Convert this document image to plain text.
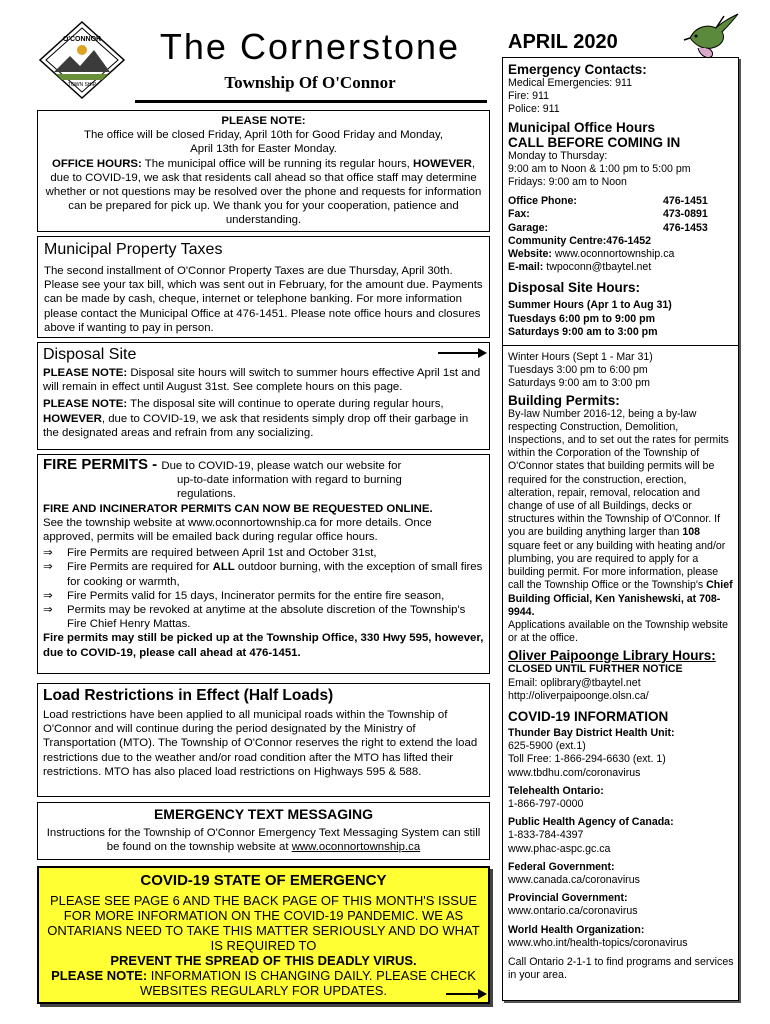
O'CONNOR
TOWN SHIP
The Cornerstone
Township Of O'Connor
APRIL 2020

PLEASE NOTE:

The office will be closed Friday, April 10th for Good Friday and Monday, April 13th for Easter Monday.

OFFICE HOURS: The municipal office will be running its regular hours, HOWEVER, due to COVID-19, we ask that residents call ahead so that office staff may determine whether or not questions may be resolved over the phone and requests for information can be prepared for pick up. We thank you for your cooperation, patience and understanding.

Municipal Property Taxes

The second installment of O'Connor Property Taxes are due Thursday, April 30th. Please see your tax bill, which was sent out in February, for the amount due. Payments can be made by cash, cheque, internet or telephone banking. For more information please contact the Municipal Office at 476-1451. Please note office hours and closures above if wanting to pay in person.

Disposal Site

PLEASE NOTE: Disposal site hours will switch to summer hours effective April 1st and will remain in effect until August 31st. See complete hours on this page.

PLEASE NOTE: The disposal site will continue to operate during regular hours, HOWEVER, due to COVID-19, we ask that residents simply drop off their garbage in the designated areas and refrain from any socializing.

FIRE PERMITS - Due to COVID-19, please watch our website for

up-to-date information with regard to burning regulations.

FIRE AND INCINERATOR PERMITS CAN NOW BE REQUESTED ONLINE.

See the township website at www.oconnortownship.ca for more details. Once approved, permits will be emailed back during regular office hours.

⇒ Fire Permits are required between April 1st and October 31st,
⇒ Fire Permits are required for ALL outdoor burning, with the exception of small fires for cooking or warmth,
⇒ Fire Permits valid for 15 days, Incinerator permits for the entire fire season,
⇒ Permits may be revoked at anytime at the absolute discretion of the Township's Fire Chief Henry Mattas.

Fire permits may still be picked up at the Township Office, 330 Hwy 595, however, due to COVID-19, please call ahead at 476-1451.

Load Restrictions in Effect (Half Loads)

Load restrictions have been applied to all municipal roads within the Township of O'Connor and will continue during the period designated by the Ministry of Transportation (MTO). The Township of O'Connor reserves the right to extend the load restrictions due to the weather and/or road condition after the MTO has lifted their restrictions. MTO has also placed load restrictions on Highways 595 & 588.

EMERGENCY TEXT MESSAGING

Instructions for the Township of O'Connor Emergency Text Messaging System can still be found on the township website at www.oconnortownship.ca

COVID-19 STATE OF EMERGENCY

PLEASE SEE PAGE 6 AND THE BACK PAGE OF THIS MONTH'S ISSUE FOR MORE INFORMATION ON THE COVID-19 PANDEMIC. WE AS ONTARIANS NEED TO TAKE THIS MATTER SERIOUSLY AND DO WHAT IS REQUIRED TO

PREVENT THE SPREAD OF THIS DEADLY VIRUS.

PLEASE NOTE: INFORMATION IS CHANGING DAILY. PLEASE CHECK WEBSITES REGULARLY FOR UPDATES.

Emergency Contacts:

Medical Emergencies: 911

Fire: 911

Police: 911

Municipal Office Hours

CALL BEFORE COMING IN

Monday to Thursday:

9:00 am to Noon & 1:00 pm to 5:00 pm

Fridays: 9:00 am to Noon

Office Phone:	476-1451

Fax:	473-0891

Garage:	476-1453

Community Centre:476-1452

Website: www.oconnortownship.ca

E-mail: twpoconn@tbaytel.net

Disposal Site Hours:

Summer Hours (Apr 1 to Aug 31)

Tuesdays 6:00 pm to 9:00 pm

Saturdays 9:00 am to 3:00 pm

Winter Hours (Sept 1 - Mar 31)

Tuesdays 3:00 pm to 6:00 pm

Saturdays 9:00 am to 3:00 pm

Building Permits:

By-law Number 2016-12, being a by-law respecting Construction, Demolition, Inspections, and to set out the rates for permits within the Corporation of the Township of O'Connor states that building permits will be required for the construction, erection, alteration, repair, removal, relocation and change of use of all Buildings, decks or structures within the Township of O'Connor. If you are building anything larger than 108 square feet or any building with heating and/or plumbing, you are required to apply for a building permit. For more information, please call the Township Office or the Township's Chief Building Official, Ken Yanishewski, at 708-9944.

Applications available on the Township website or at the office.

Oliver Paipoonge Library Hours:

CLOSED UNTIL FURTHER NOTICE

Email: oplibrary@tbaytel.net

http://oliverpaipoonge.olsn.ca/

COVID-19 INFORMATION

Thunder Bay District Health Unit:

625-5900 (ext.1)

Toll Free: 1-866-294-6630 (ext. 1)

www.tbdhu.com/coronavirus

Telehealth Ontario:

1-866-797-0000

Public Health Agency of Canada:

1-833-784-4397

www.phac-aspc.gc.ca

Federal Government:

www.canada.ca/coronavirus

Provincial Government:

www.ontario.ca/coronavirus

World Health Organization:

www.who.int/health-topics/coronavirus

Call Ontario 2-1-1 to find programs and services in your area.
